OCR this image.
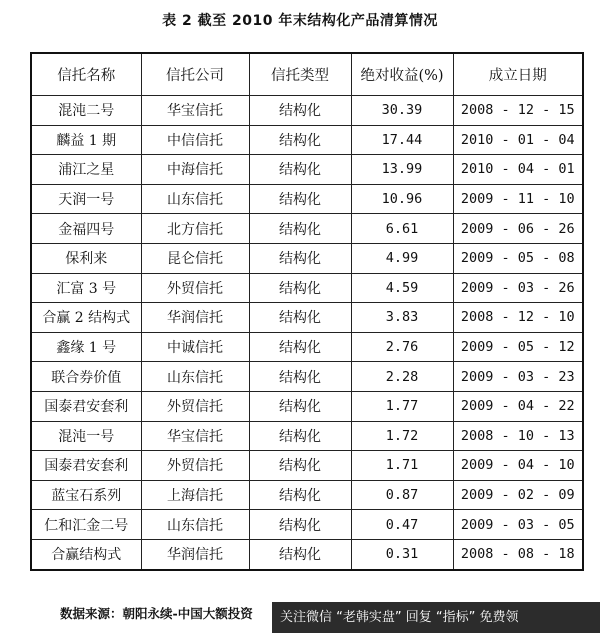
表 2 截至 2010 年末结构化产品清算情况
信托名称	信托公司	信托类型	绝对收益(%)	成立日期
混沌二号	华宝信托	结构化	30.39	2008 - 12 - 15
麟益 1 期	中信信托	结构化	17.44	2010 - 01 - 04
浦江之星	中海信托	结构化	13.99	2010 - 04 - 01
天润一号	山东信托	结构化	10.96	2009 - 11 - 10
金福四号	北方信托	结构化	6.61	2009 - 06 - 26
保利来	昆仑信托	结构化	4.99	2009 - 05 - 08
汇富 3 号	外贸信托	结构化	4.59	2009 - 03 - 26
合赢 2 结构式	华润信托	结构化	3.83	2008 - 12 - 10
鑫缘 1 号	中诚信托	结构化	2.76	2009 - 05 - 12
联合券价值	山东信托	结构化	2.28	2009 - 03 - 23
国泰君安套利	外贸信托	结构化	1.77	2009 - 04 - 22
混沌一号	华宝信托	结构化	1.72	2008 - 10 - 13
国泰君安套利	外贸信托	结构化	1.71	2009 - 04 - 10
蓝宝石系列	上海信托	结构化	0.87	2009 - 02 - 09
仁和汇金二号	山东信托	结构化	0.47	2009 - 03 - 05
合赢结构式	华润信托	结构化	0.31	2008 - 08 - 18
数据来源：朝阳永续-中国大额投资	关注微信 “老韩实盘” 回复 “指标” 免费领
